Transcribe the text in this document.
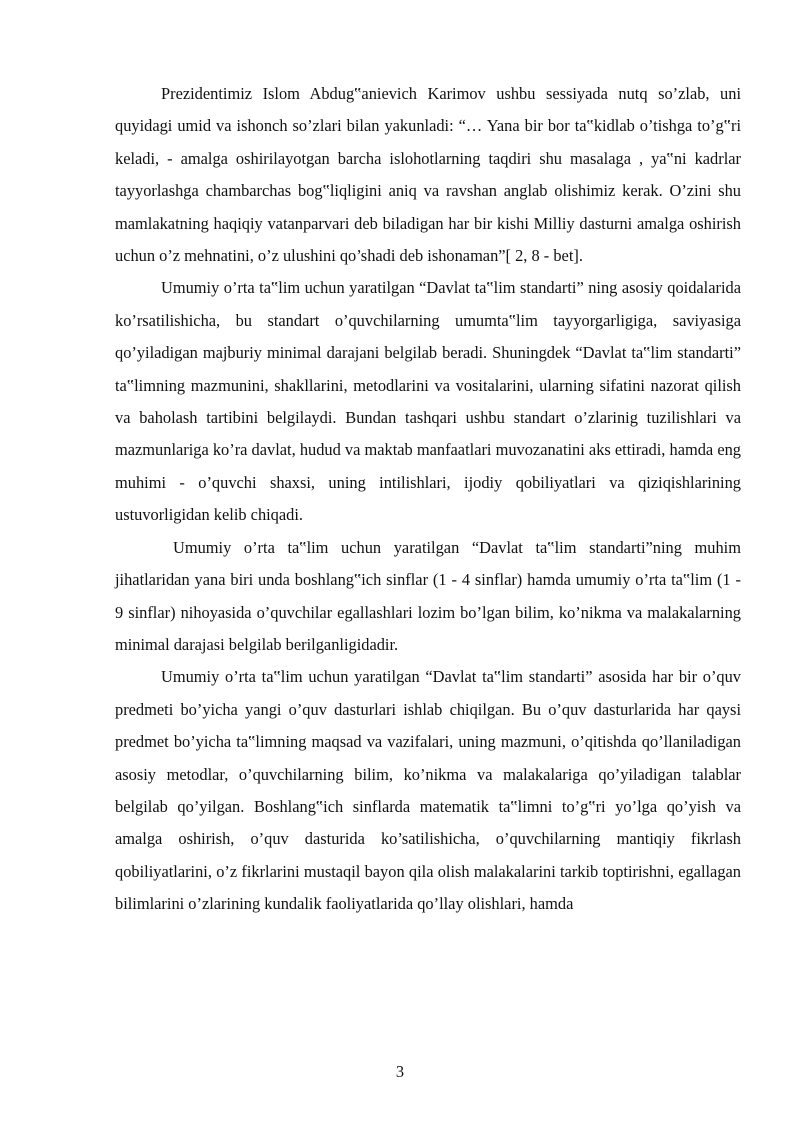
Prezidentimiz Islom Abdug‟anievich Karimov ushbu sessiyada nutq so’zlab, uni quyidagi umid va ishonch so’zlari bilan yakunladi: “… Yana bir bor ta‟kidlab o’tishga to’g‟ri keladi, - amalga oshirilayotgan barcha islohotlarning taqdiri shu masalaga , ya‟ni kadrlar tayyorlashga chambarchas bog‟liqligini aniq va ravshan anglab olishimiz kerak. O’zini shu mamlakatning haqiqiy vatanparvari deb biladigan har bir kishi Milliy dasturni amalga oshirish uchun o’z mehnatini, o’z ulushini qo’shadi deb ishonaman”[ 2, 8 - bet].

Umumiy o’rta ta‟lim uchun yaratilgan “Davlat ta‟lim standarti” ning asosiy qoidalarida ko’rsatilishicha, bu standart o’quvchilarning umumta‟lim tayyorgarligiga, saviyasiga qo’yiladigan majburiy minimal darajani belgilab beradi. Shuningdek “Davlat ta‟lim standarti” ta‟limning mazmunini, shakllarini, metodlarini va vositalarini, ularning sifatini nazorat qilish va baholash tartibini belgilaydi. Bundan tashqari ushbu standart o’zlarinig tuzilishlari va mazmunlariga ko’ra davlat, hudud va maktab manfaatlari muvozanatini aks ettiradi, hamda eng muhimi - o’quvchi shaxsi, uning intilishlari, ijodiy qobiliyatlari va qiziqishlarining ustuvorligidan kelib chiqadi.

Umumiy o’rta ta‟lim uchun yaratilgan “Davlat ta‟lim standarti”ning muhim jihatlaridan yana biri unda boshlang‟ich sinflar (1 - 4 sinflar) hamda umumiy o’rta ta‟lim (1 - 9 sinflar) nihoyasida o’quvchilar egallashlari lozim bo’lgan bilim, ko’nikma va malakalarning minimal darajasi belgilab berilganligidadir.

Umumiy o’rta ta‟lim uchun yaratilgan “Davlat ta‟lim standarti” asosida har bir o’quv predmeti bo’yicha yangi o’quv dasturlari ishlab chiqilgan. Bu o’quv dasturlarida har qaysi predmet bo’yicha ta‟limning maqsad va vazifalari, uning mazmuni, o’qitishda qo’llaniladigan asosiy metodlar, o’quvchilarning bilim, ko’nikma va malakalariga qo’yiladigan talablar belgilab qo’yilgan. Boshlang‟ich sinflarda matematik ta‟limni to’g‟ri yo’lga qo’yish va amalga oshirish, o’quv dasturida ko’satilishicha, o’quvchilarning mantiqiy fikrlash qobiliyatlarini, o’z fikrlarini mustaqil bayon qila olish malakalarini tarkib toptirishni, egallagan bilimlarini o’zlarining kundalik faoliyatlarida qo’llay olishlari, hamda

3
